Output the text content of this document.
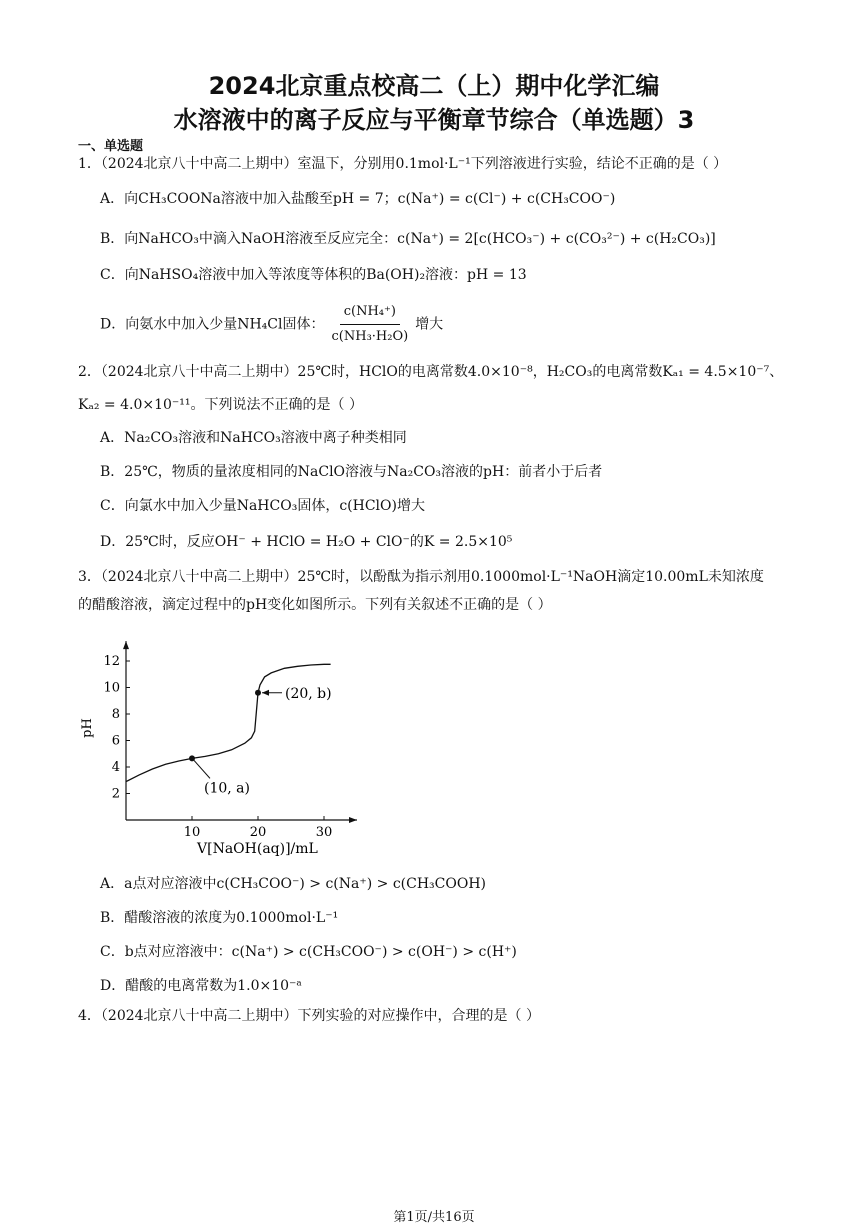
2024北京重点校高二（上）期中化学汇编
水溶液中的离子反应与平衡章节综合（单选题）3
一、单选题
1．（2024北京八十中高二上期中）室温下，分别用0.1mol·L⁻¹下列溶液进行实验，结论不正确的是（ ）
A．向CH₃COONa溶液中加入盐酸至pH = 7；c(Na⁺) = c(Cl⁻) + c(CH₃COO⁻)
B．向NaHCO₃中滴入NaOH溶液至反应完全：c(Na⁺) = 2[c(HCO₃⁻) + c(CO₃²⁻) + c(H₂CO₃)]
C．向NaHSO₄溶液中加入等浓度等体积的Ba(OH)₂溶液：pH = 13
D．向氨水中加入少量NH₄Cl固体： $\frac{\text{c(NH₄⁺)}}{\text{c(NH₃·H₂O)}}$ 增大
2．（2024北京八十中高二上期中）25℃时，HClO的电离常数4.0×10⁻⁸，H₂CO₃的电离常数Kₐ₁ = 4.5×10⁻⁷、
Kₐ₂ = 4.0×10⁻¹¹。下列说法不正确的是（ ）
A．Na₂CO₃溶液和NaHCO₃溶液中离子种类相同
B．25℃，物质的量浓度相同的NaClO溶液与Na₂CO₃溶液的pH：前者小于后者
C．向氯水中加入少量NaHCO₃固体，c(HClO)增大
D．25℃时，反应OH⁻ + HClO = H₂O + ClO⁻的K = 2.5×10⁵
3．（2024北京八十中高二上期中）25℃时，以酚酞为指示剂用0.1000mol·L⁻¹NaOH滴定10.00mL未知浓度
的醋酸溶液，滴定过程中的pH变化如图所示。下列有关叙述不正确的是（ ）
10	20	30
2
4
6
8
10
12
pH
V[NaOH(aq)]/mL
(10, a)
(20, b)
A．a点对应溶液中c(CH₃COO⁻) > c(Na⁺) > c(CH₃COOH)
B．醋酸溶液的浓度为0.1000mol·L⁻¹
C．b点对应溶液中：c(Na⁺) > c(CH₃COO⁻) > c(OH⁻) > c(H⁺)
D．醋酸的电离常数为1.0×10⁻ᵃ
4．（2024北京八十中高二上期中）下列实验的对应操作中，合理的是（ ）
第1页/共16页
